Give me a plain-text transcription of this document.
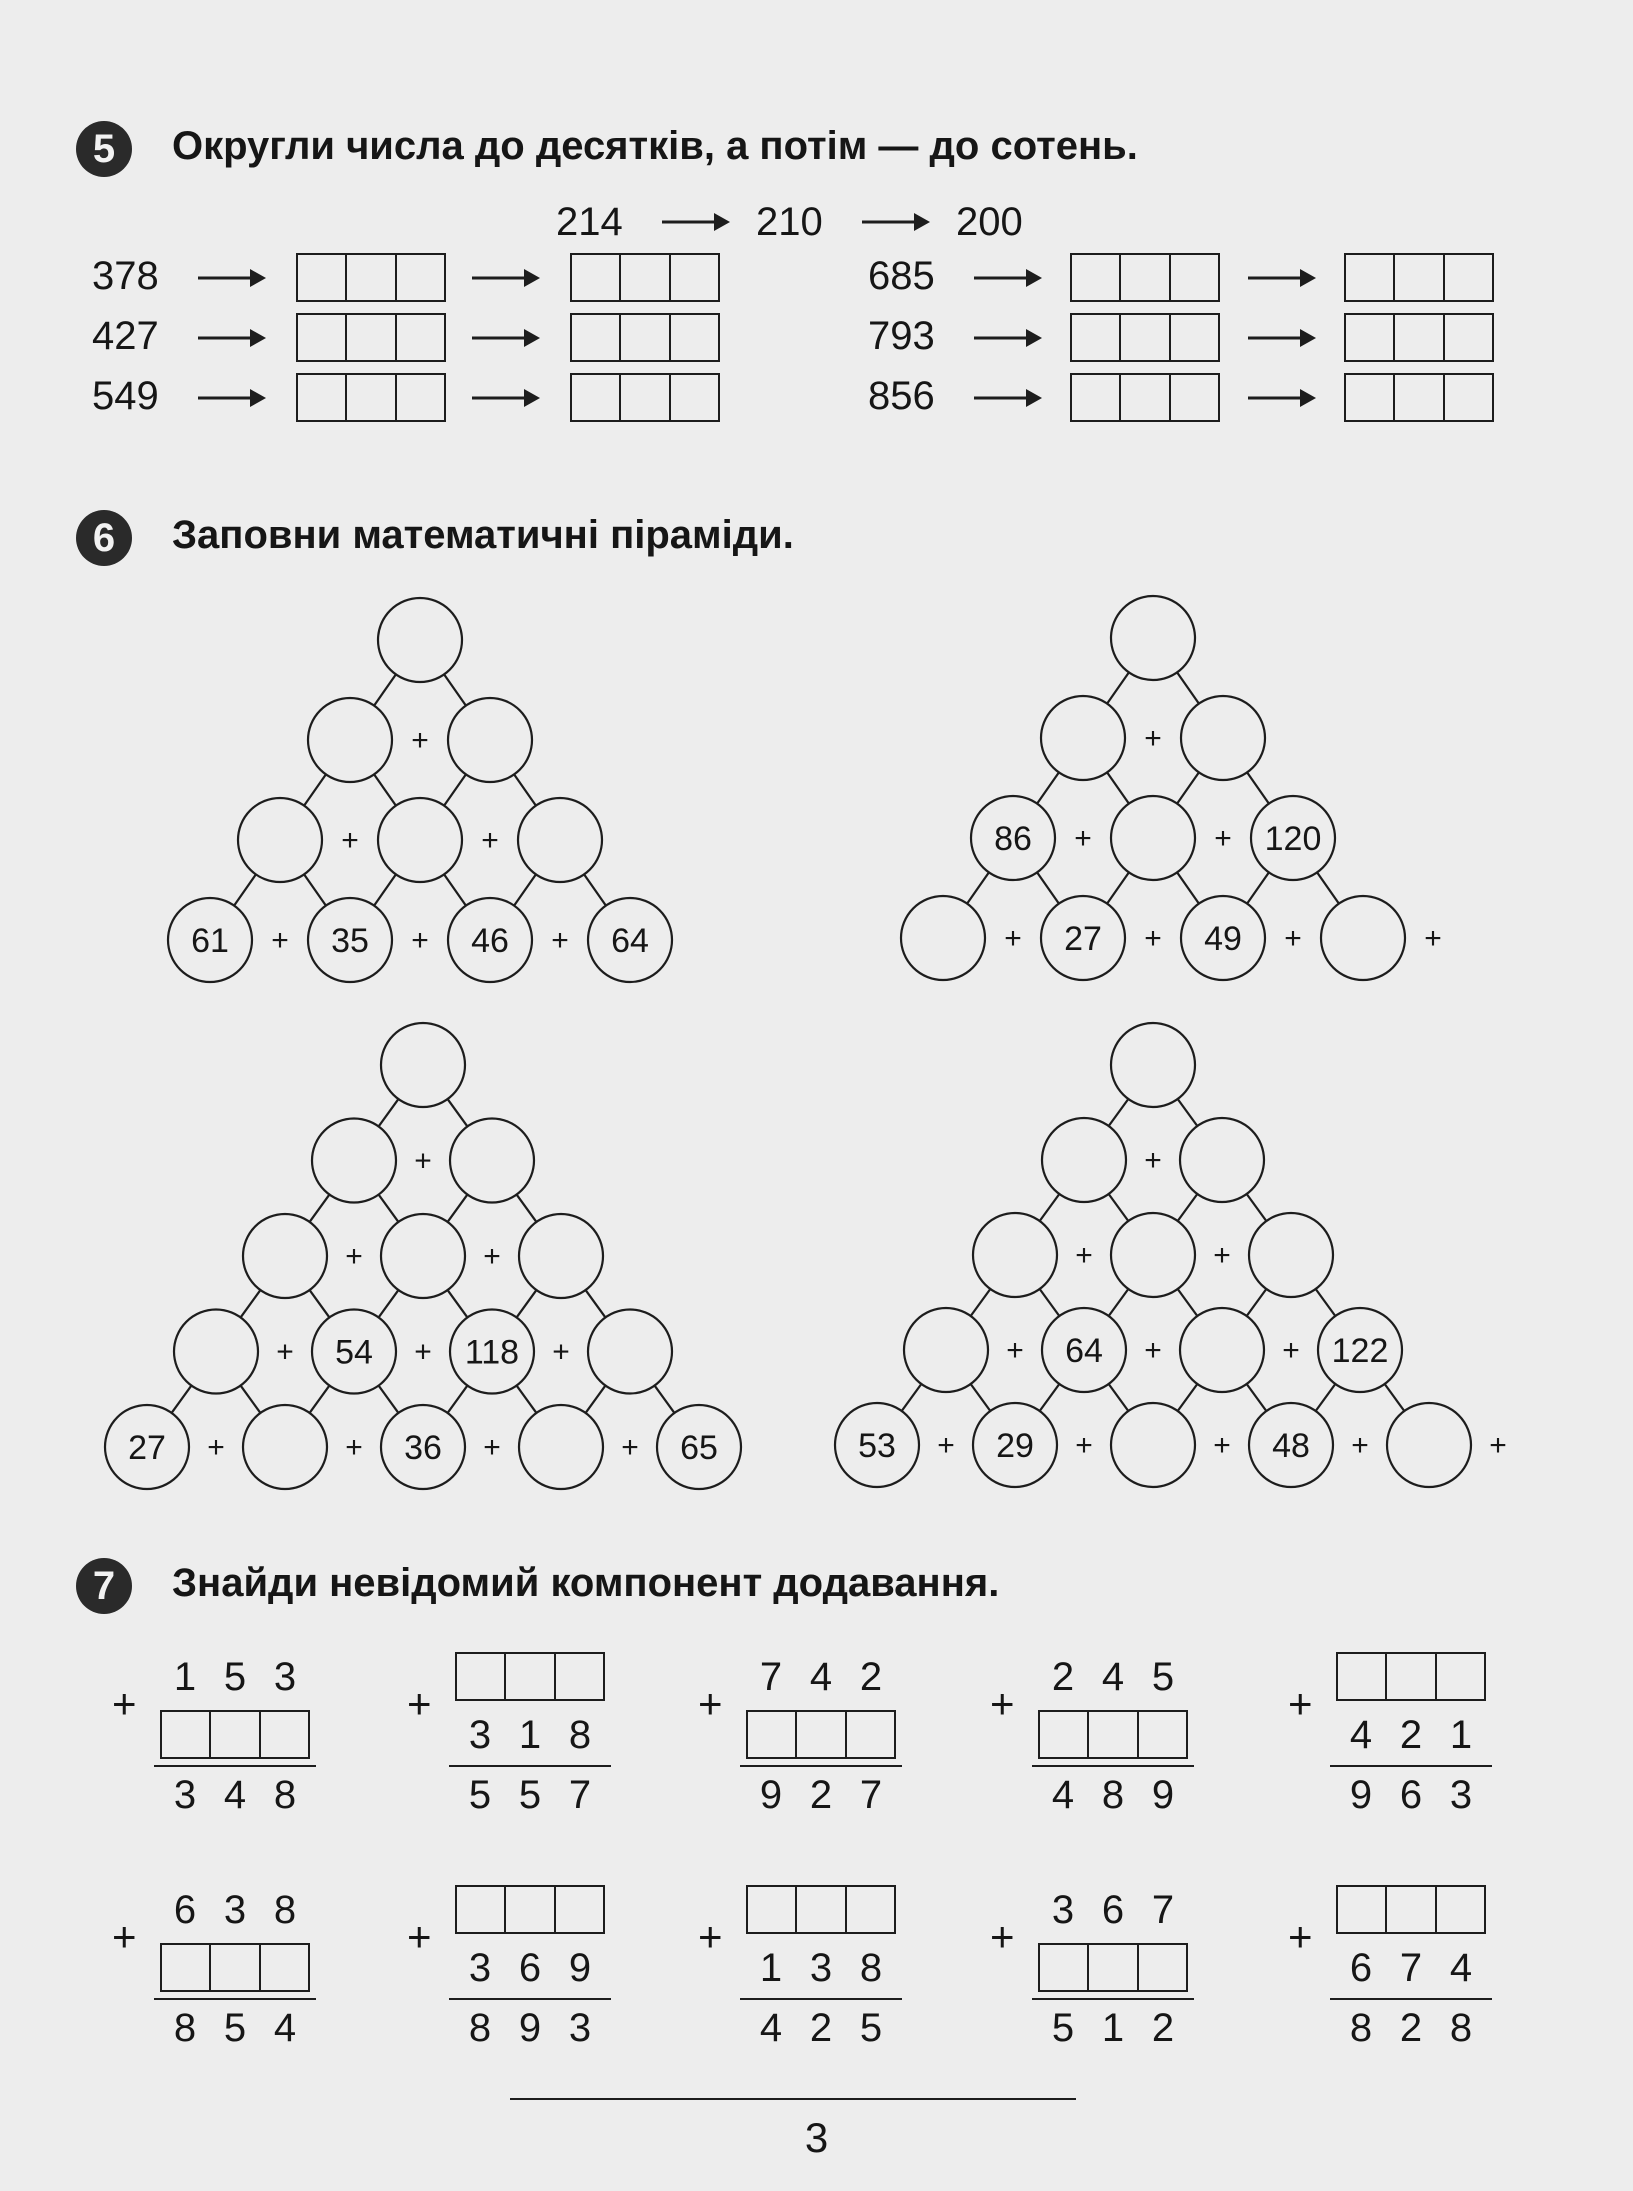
5	Округли числа до десятків, а потім — до сотень.
214	210	200
378
427
549
685
793
856
6	Заповни математичні піраміди.
+
+	+
61 + 35 + 46 + 64
+
86 +	+ 120
+ 27 + 49 +	+
+
+	+
+ 54 + 118 +
27 +	+ 36 +	+ 65
+
+	+
+ 64 +	+ 122
53 + 29 +	+ 48 +	+
7	Знайди невідомий компонент додавання.
+
1 5 3
3 4 8
+
3 1 8
5 5 7
+
7 4 2
9 2 7
+
2 4 5
4 8 9
+
4 2 1
9 6 3
+
6 3 8
8 5 4
+
3 6 9
8 9 3
+
1 3 8
4 2 5
+
3 6 7
5 1 2
+
6 7 4
8 2 8
3
